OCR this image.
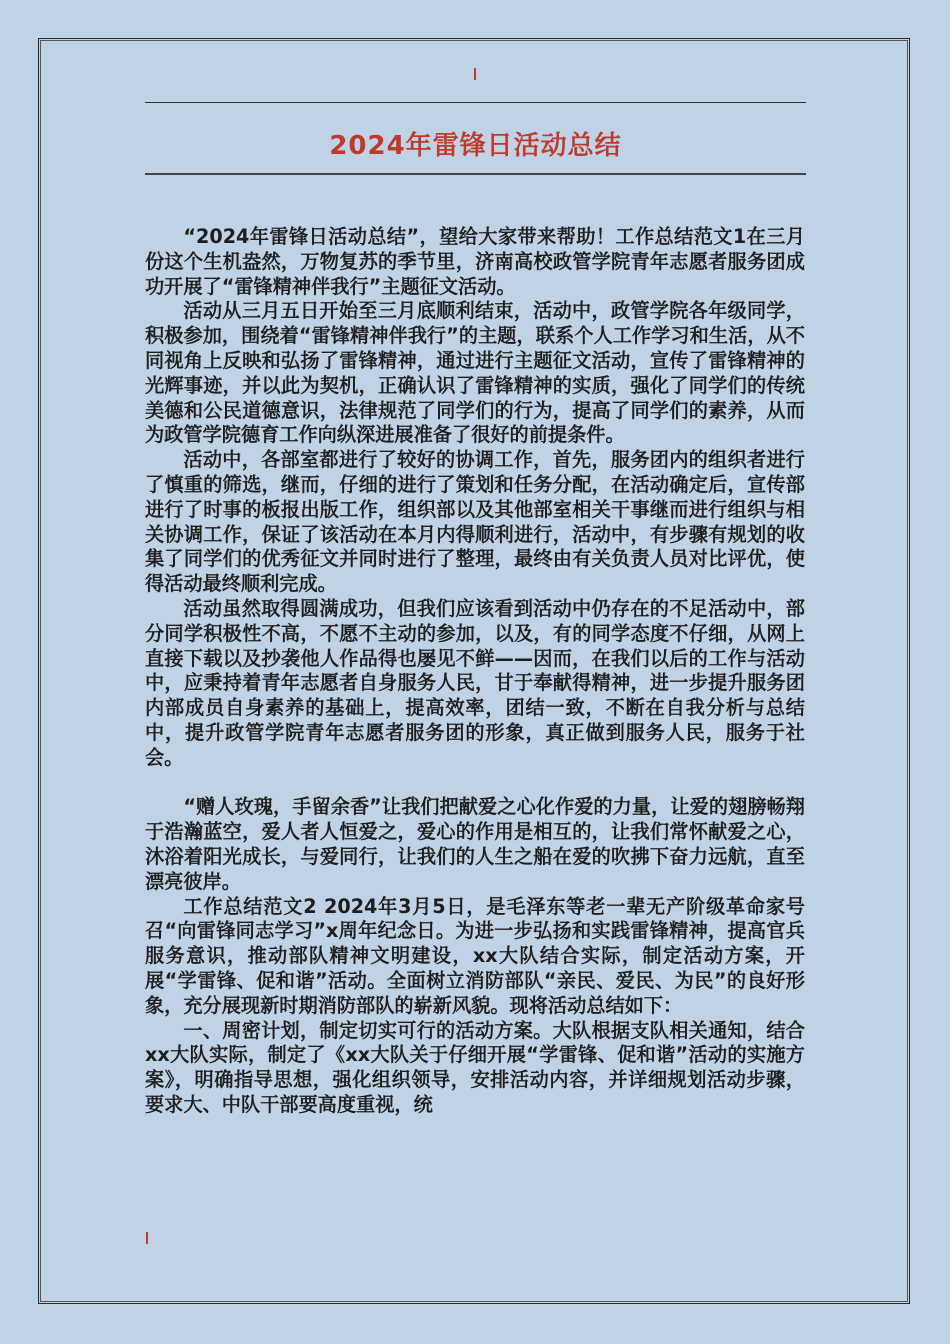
2024年雷锋日活动总结

“2024年雷锋日活动总结”，望给大家带来帮助！工作总结范文1在三月份这个生机盎然，万物复苏的季节里，济南高校政管学院青年志愿者服务团成功开展了“雷锋精神伴我行”主题征文活动。

活动从三月五日开始至三月底顺利结束，活动中，政管学院各年级同学，积极参加，围绕着“雷锋精神伴我行”的主题，联系个人工作学习和生活，从不同视角上反映和弘扬了雷锋精神，通过进行主题征文活动，宣传了雷锋精神的光辉事迹，并以此为契机，正确认识了雷锋精神的实质，强化了同学们的传统美德和公民道德意识，法律规范了同学们的行为，提高了同学们的素养，从而为政管学院德育工作向纵深进展准备了很好的前提条件。

活动中，各部室都进行了较好的协调工作，首先，服务团内的组织者进行了慎重的筛选，继而，仔细的进行了策划和任务分配，在活动确定后，宣传部进行了时事的板报出版工作，组织部以及其他部室相关干事继而进行组织与相关协调工作，保证了该活动在本月内得顺利进行，活动中，有步骤有规划的收集了同学们的优秀征文并同时进行了整理，最终由有关负责人员对比评优，使得活动最终顺利完成。

活动虽然取得圆满成功，但我们应该看到活动中仍存在的不足活动中，部分同学积极性不高，不愿不主动的参加，以及，有的同学态度不仔细，从网上直接下载以及抄袭他人作品得也屡见不鲜——因而，在我们以后的工作与活动中，应秉持着青年志愿者自身服务人民，甘于奉献得精神，进一步提升服务团内部成员自身素养的基础上，提高效率，团结一致，不断在自我分析与总结中，提升政管学院青年志愿者服务团的形象，真正做到服务人民，服务于社会。

“赠人玫瑰，手留余香”让我们把献爱之心化作爱的力量，让爱的翅膀畅翔于浩瀚蓝空，爱人者人恒爱之，爱心的作用是相互的，让我们常怀献爱之心，沐浴着阳光成长，与爱同行，让我们的人生之船在爱的吹拂下奋力远航，直至漂亮彼岸。

工作总结范文2 2024年3月5日，是毛泽东等老一辈无产阶级革命家号召“向雷锋同志学习”x周年纪念日。为进一步弘扬和实践雷锋精神，提高官兵服务意识，推动部队精神文明建设，xx大队结合实际，制定活动方案，开展“学雷锋、促和谐”活动。全面树立消防部队“亲民、爱民、为民”的良好形象，充分展现新时期消防部队的崭新风貌。现将活动总结如下：

一、周密计划，制定切实可行的活动方案。大队根据支队相关通知，结合xx大队实际，制定了《xx大队关于仔细开展“学雷锋、促和谐”活动的实施方案》，明确指导思想，强化组织领导，安排活动内容，并详细规划活动步骤，要求大、中队干部要高度重视，统
